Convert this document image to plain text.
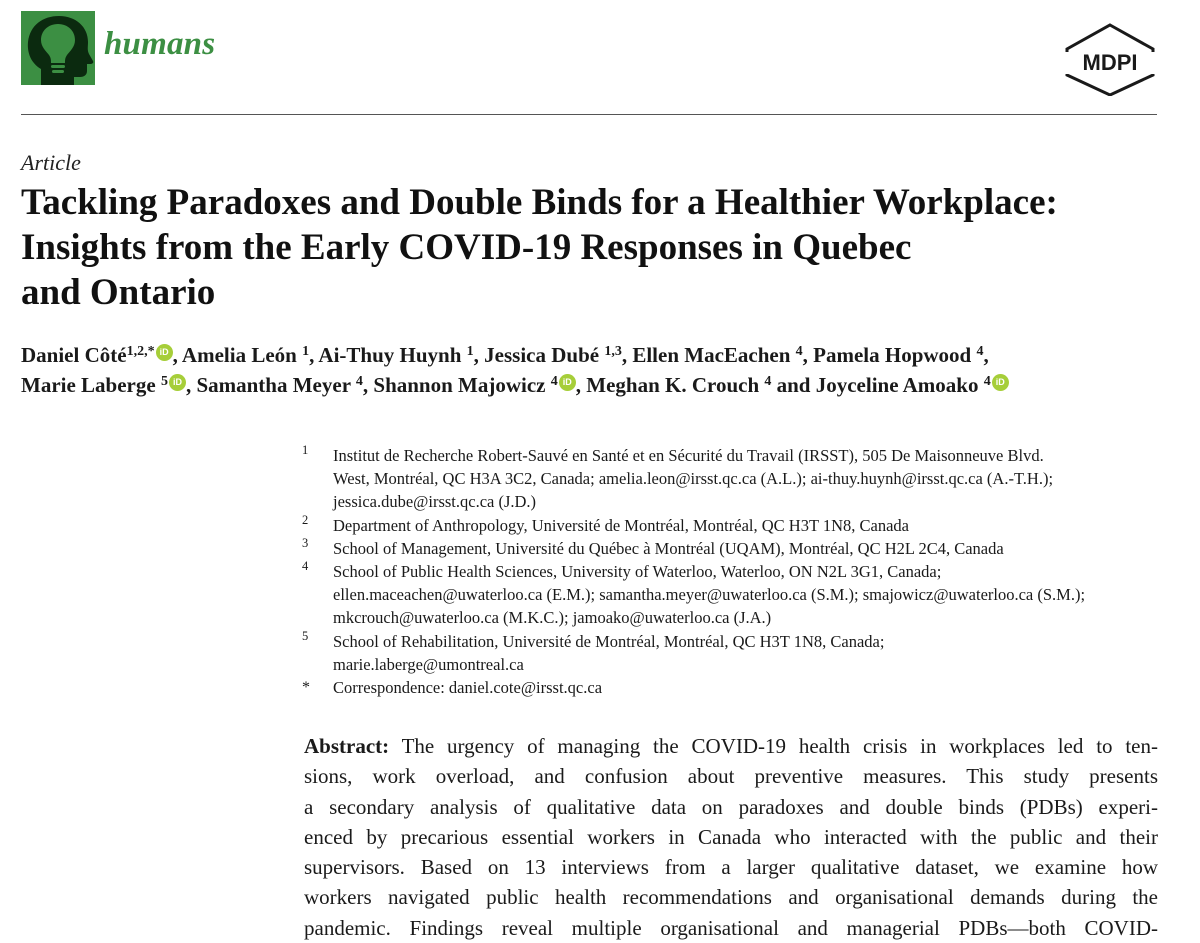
humans
MDPI
Article
Tackling Paradoxes and Double Binds for a Healthier Workplace:
Insights from the Early COVID-19 Responses in Quebec
and Ontario
Daniel Côté$^{1,2,*}$ iD , Amelia León $^1$, Ai-Thuy Huynh $^1$, Jessica Dubé $^{1,3}$, Ellen MacEachen $^4$, Pamela Hopwood $^4$,
Marie Laberge $^5$ iD , Samantha Meyer $^4$, Shannon Majowicz $^4$ iD , Meghan K. Crouch $^4$ and Joyceline Amoako $^4$ iD
1 Institut de Recherche Robert-Sauvé en Santé et en Sécurité du Travail (IRSST), 505 De Maisonneuve Blvd.
West, Montréal, QC H3A 3C2, Canada; amelia.leon@irsst.qc.ca (A.L.); ai-thuy.huynh@irsst.qc.ca (A.-T.H.);
jessica.dube@irsst.qc.ca (J.D.)
2 Department of Anthropology, Université de Montréal, Montréal, QC H3T 1N8, Canada
3 School of Management, Université du Québec à Montréal (UQAM), Montréal, QC H2L 2C4, Canada
4 School of Public Health Sciences, University of Waterloo, Waterloo, ON N2L 3G1, Canada;
ellen.maceachen@uwaterloo.ca (E.M.); samantha.meyer@uwaterloo.ca (S.M.); smajowicz@uwaterloo.ca (S.M.);
mkcrouch@uwaterloo.ca (M.K.C.); jamoako@uwaterloo.ca (J.A.)
5 School of Rehabilitation, Université de Montréal, Montréal, QC H3T 1N8, Canada;
marie.laberge@umontreal.ca
* Correspondence: daniel.cote@irsst.qc.ca
Abstract: The urgency of managing the COVID-19 health crisis in workplaces led to ten-
sions, work overload, and confusion about preventive measures. This study presents
a secondary analysis of qualitative data on paradoxes and double binds (PDBs) experi-
enced by precarious essential workers in Canada who interacted with the public and their
supervisors. Based on 13 interviews from a larger qualitative dataset, we examine how
workers navigated public health recommendations and organisational demands during the
pandemic. Findings reveal multiple organisational and managerial PDBs—both COVID-
